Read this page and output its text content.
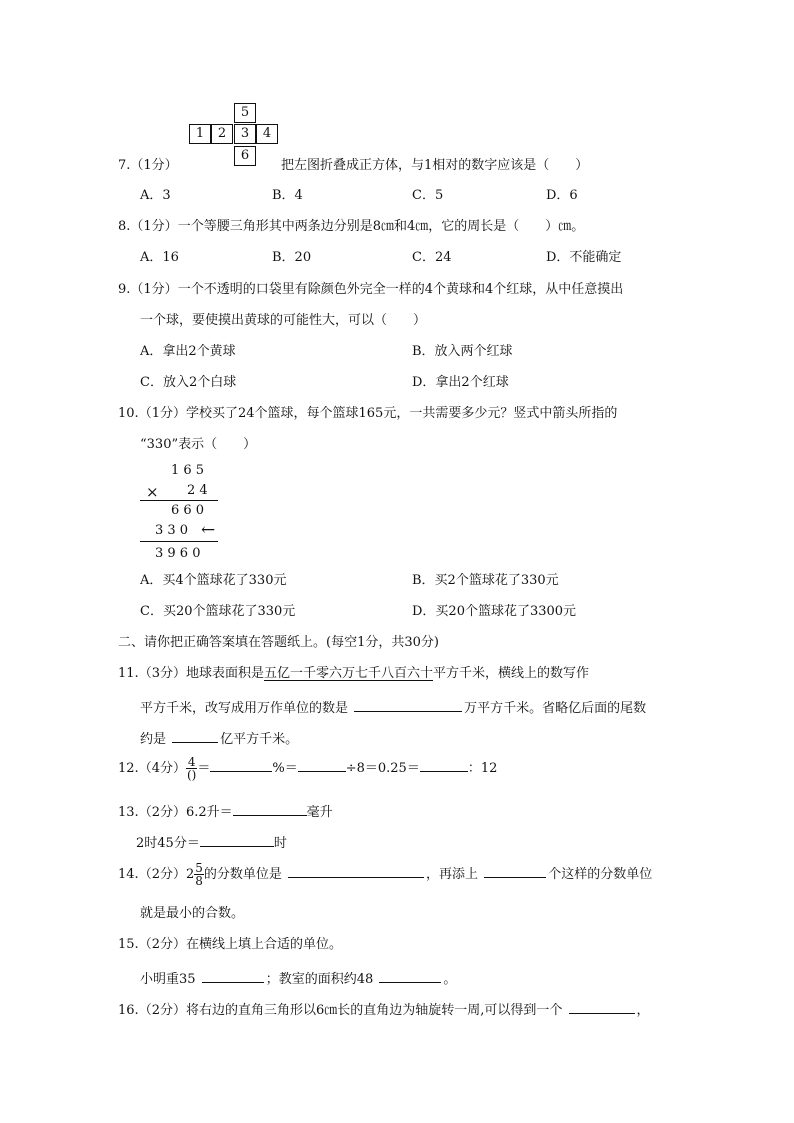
5
1	2	3	4
6
7.（1分）	把左图折叠成正方体，与1相对的数字应该是（　　）
A．3	B．4	C．5	D．6
8.（1分）一个等腰三角形其中两条边分别是8㎝和4㎝，它的周长是（　　）㎝。
A．16	B．20	C．24	D．不能确定
9.（1分）一个不透明的口袋里有除颜色外完全一样的4个黄球和4个红球，从中任意摸出
一个球，要使摸出黄球的可能性大，可以（　　）
A．拿出2个黄球	B．放入两个红球
C．放入2个白球	D．拿出2个红球
10.（1分）学校买了24个篮球，每个篮球165元，一共需要多少元？竖式中箭头所指的
“330”表示（　　）
1 6 5
× 2 4
6 6 0
3 3 0 ←
3 9 6 0
A．买4个篮球花了330元	B．买2个篮球花了330元
C．买20个篮球花了330元	D．买20个篮球花了3300元
二、请你把正确答案填在答题纸上。(每空1分，共30分)
11.（3分）地球表面积是五亿一千零六万七千八百六十平方千米，横线上的数写作
平方千米，改写成用万作单位的数是	万平方千米。省略亿后面的尾数
约是	亿平方千米。
12.（4分） $\frac{4}{()}$ ＝	%＝	÷8＝0.25＝	：12
13.（2分）6.2升＝	毫升
2时45分＝	时
14.（2分）$2 \frac{5}{8}$ 的分数单位是	，再添上	个这样的分数单位
就是最小的合数。
15.（2分）在横线上填上合适的单位。
小明重35	；教室的面积约48	。
16.（2分）将右边的直角三角形以6㎝长的直角边为轴旋转一周,可以得到一个	，
